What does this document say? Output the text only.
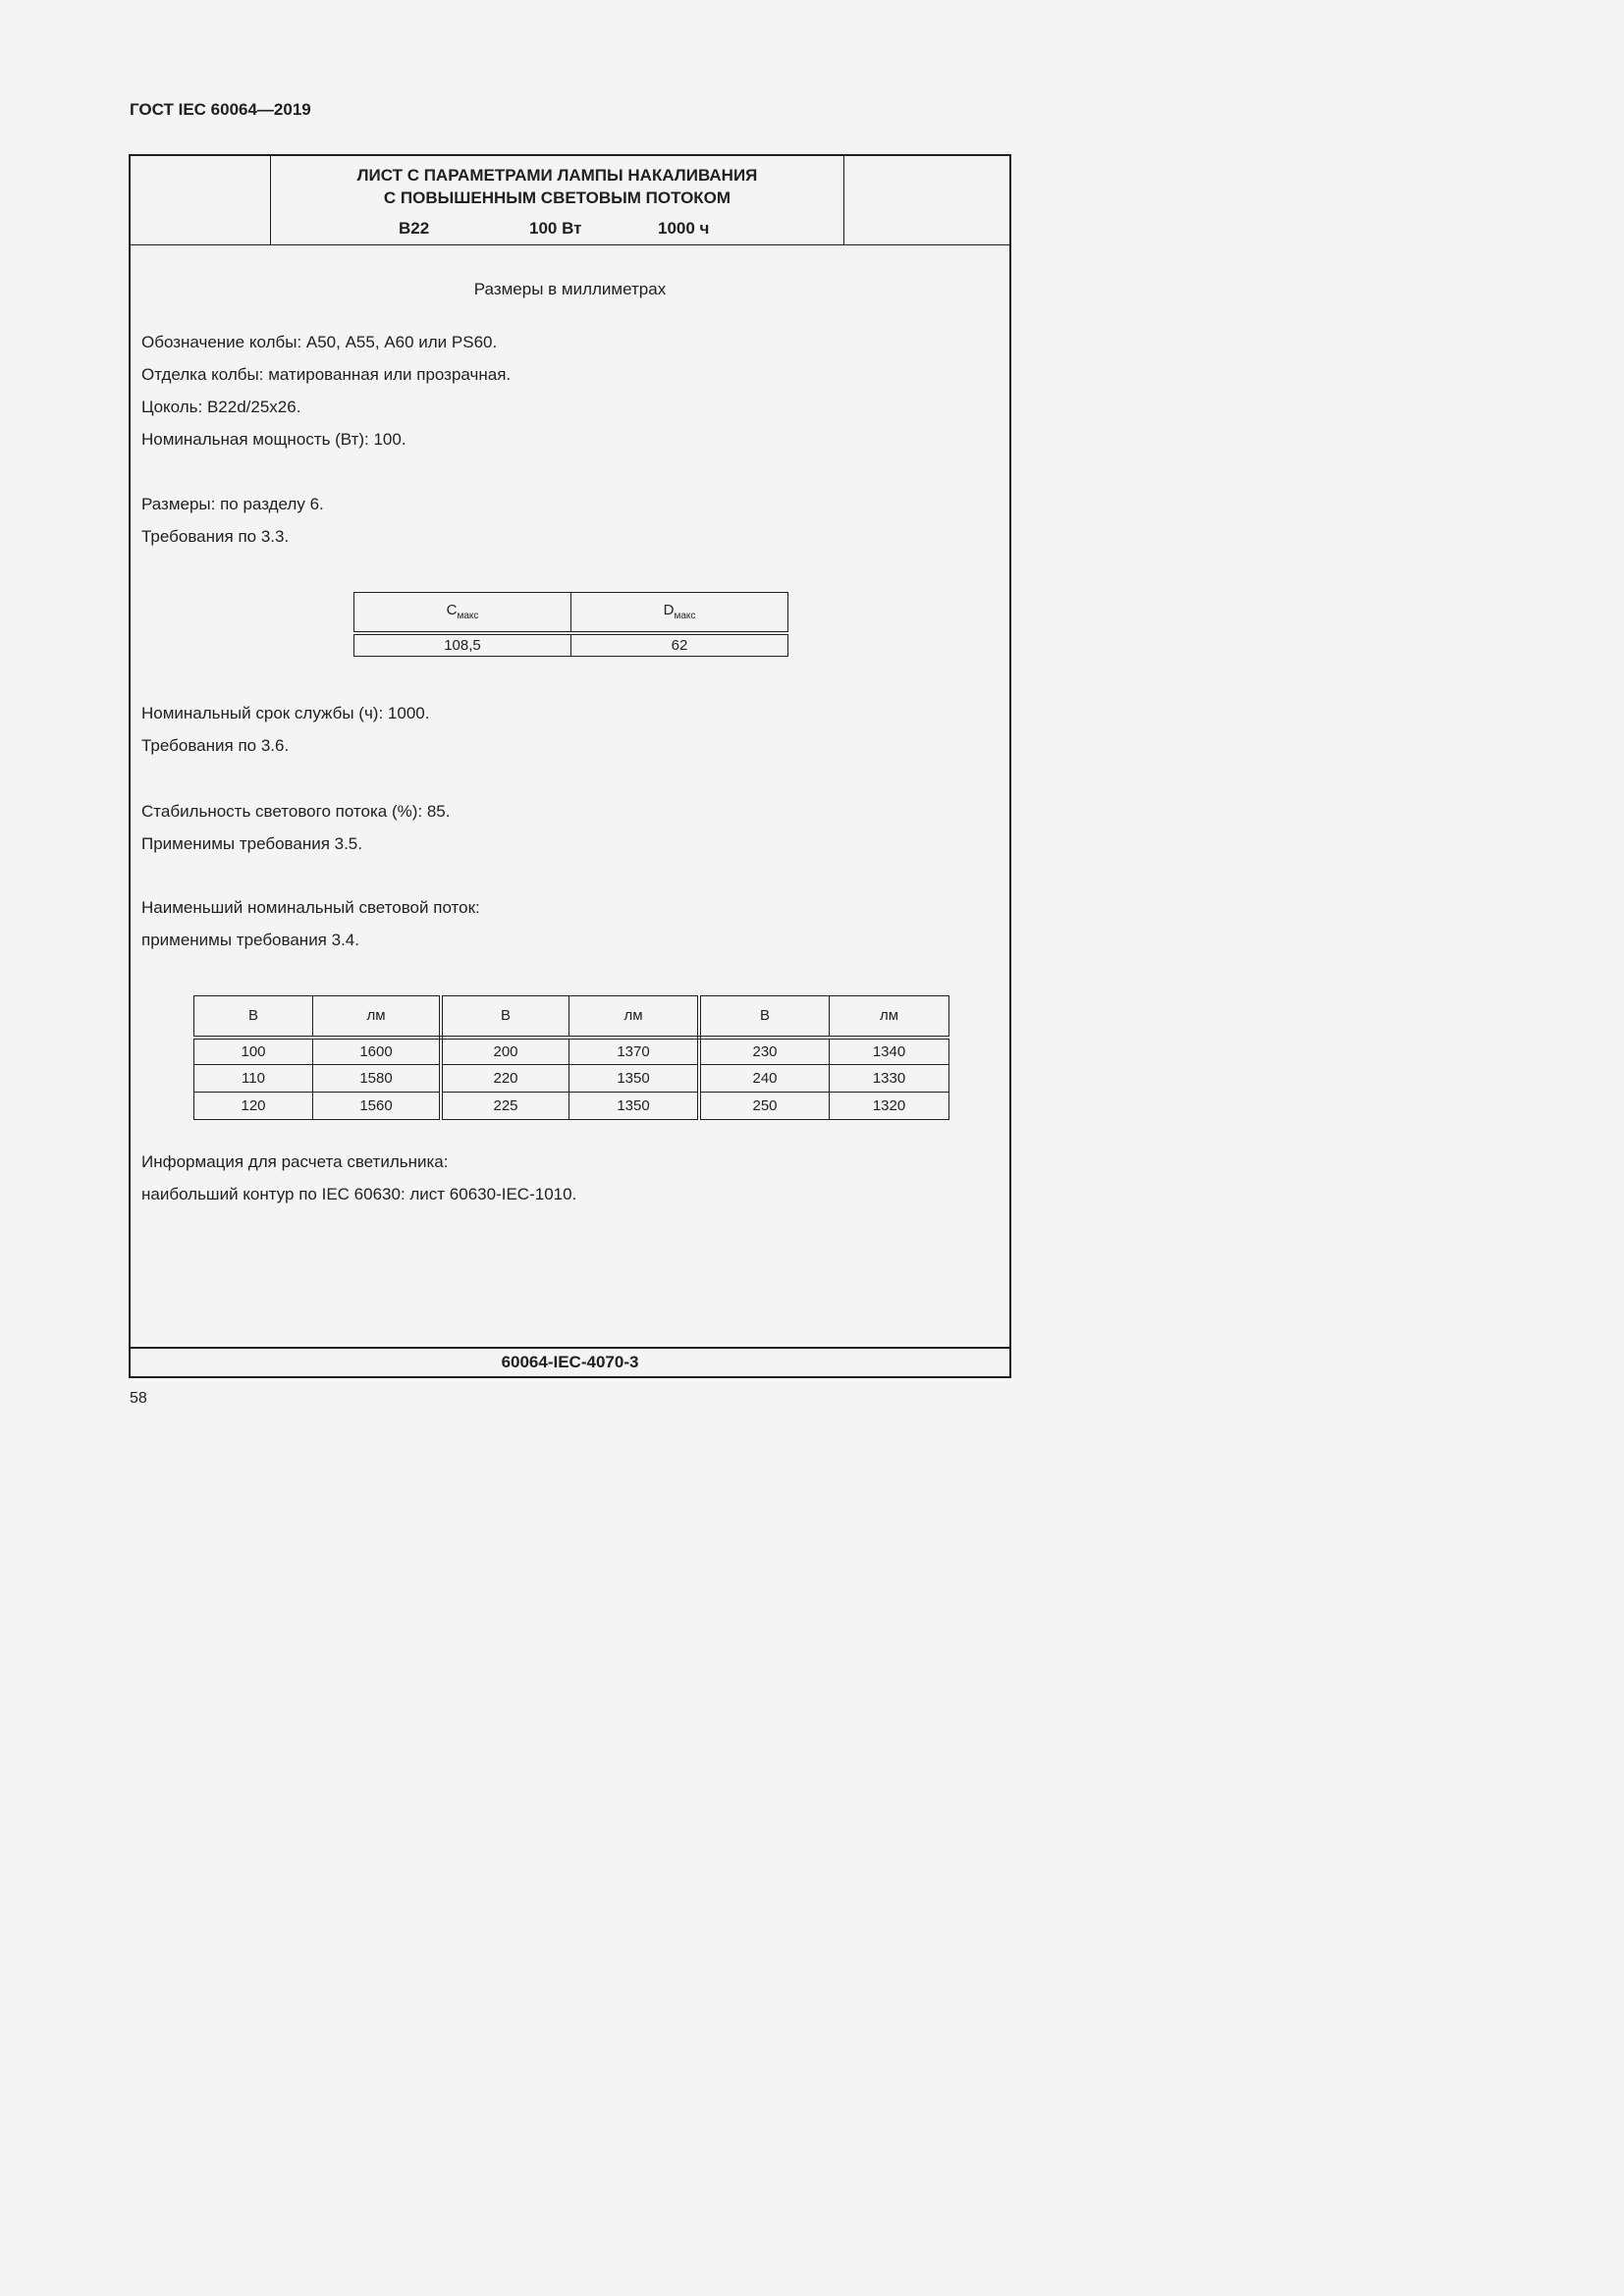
ГОСТ IEC 60064—2019
ЛИСТ С ПАРАМЕТРАМИ ЛАМПЫ НАКАЛИВАНИЯ
С ПОВЫШЕННЫМ СВЕТОВЫМ ПОТОКОМ
B22	100 Вт	1000 ч
Размеры в миллиметрах
Обозначение колбы: А50, А55, А60 или PS60.
Отделка колбы: матированная или прозрачная.
Цоколь: B22d/25x26.
Номинальная мощность (Вт): 100.
Размеры: по разделу 6.
Требования по 3.3.
$C_{макс}$	$D_{макс}$
108,5	62
Номинальный срок службы (ч): 1000.
Требования по 3.6.
Стабильность светового потока (%): 85.
Применимы требования 3.5.
Наименьший номинальный световой поток:
применимы требования 3.4.
В	лм	В	лм	В	лм
100	1600	200	1370	230	1340
110	1580	220	1350	240	1330
120	1560	225	1350	250	1320
Информация для расчета светильника:
наибольший контур по IEC 60630: лист 60630-IEC-1010.
60064-IEC-4070-3
58
